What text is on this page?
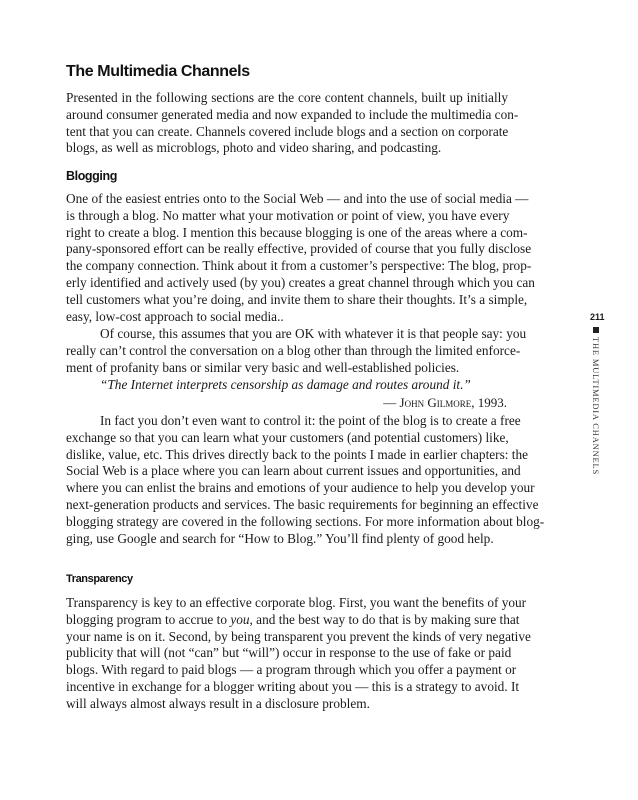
The Multimedia Channels
Presented in the following sections are the core content channels, built up initially
around consumer generated media and now expanded to include the multimedia con-
tent that you can create. Channels covered include blogs and a section on corporate
blogs, as well as microblogs, photo and video sharing, and podcasting.
Blogging
One of the easiest entries onto to the Social Web — and into the use of social media —
is through a blog. No matter what your motivation or point of view, you have every
right to create a blog. I mention this because blogging is one of the areas where a com-
pany-sponsored effort can be really effective, provided of course that you fully disclose
the company connection. Think about it from a customer’s perspective: The blog, prop-
erly identified and actively used (by you) creates a great channel through which you can
tell customers what you’re doing, and invite them to share their thoughts. It’s a simple,
easy, low-cost approach to social media..
Of course, this assumes that you are OK with whatever it is that people say: you
really can’t control the conversation on a blog other than through the limited enforce-
ment of profanity bans or similar very basic and well-established policies.
“The Internet interprets censorship as damage and routes around it.”
— John Gilmore, 1993.
In fact you don’t even want to control it: the point of the blog is to create a free
exchange so that you can learn what your customers (and potential customers) like,
dislike, value, etc. This drives directly back to the points I made in earlier chapters: the
Social Web is a place where you can learn about current issues and opportunities, and
where you can enlist the brains and emotions of your audience to help you develop your
next-generation products and services. The basic requirements for beginning an effective
blogging strategy are covered in the following sections. For more information about blog-
ging, use Google and search for “How to Blog.” You’ll find plenty of good help.
Transparency
Transparency is key to an effective corporate blog. First, you want the benefits of your
blogging program to accrue to you, and the best way to do that is by making sure that
your name is on it. Second, by being transparent you prevent the kinds of very negative
publicity that will (not “can” but “will”) occur in response to the use of fake or paid
blogs. With regard to paid blogs — a program through which you offer a payment or
incentive in exchange for a blogger writing about you — this is a strategy to avoid. It
will always almost always result in a disclosure problem.
211
THE MULTIMEDIA CHANNELS
